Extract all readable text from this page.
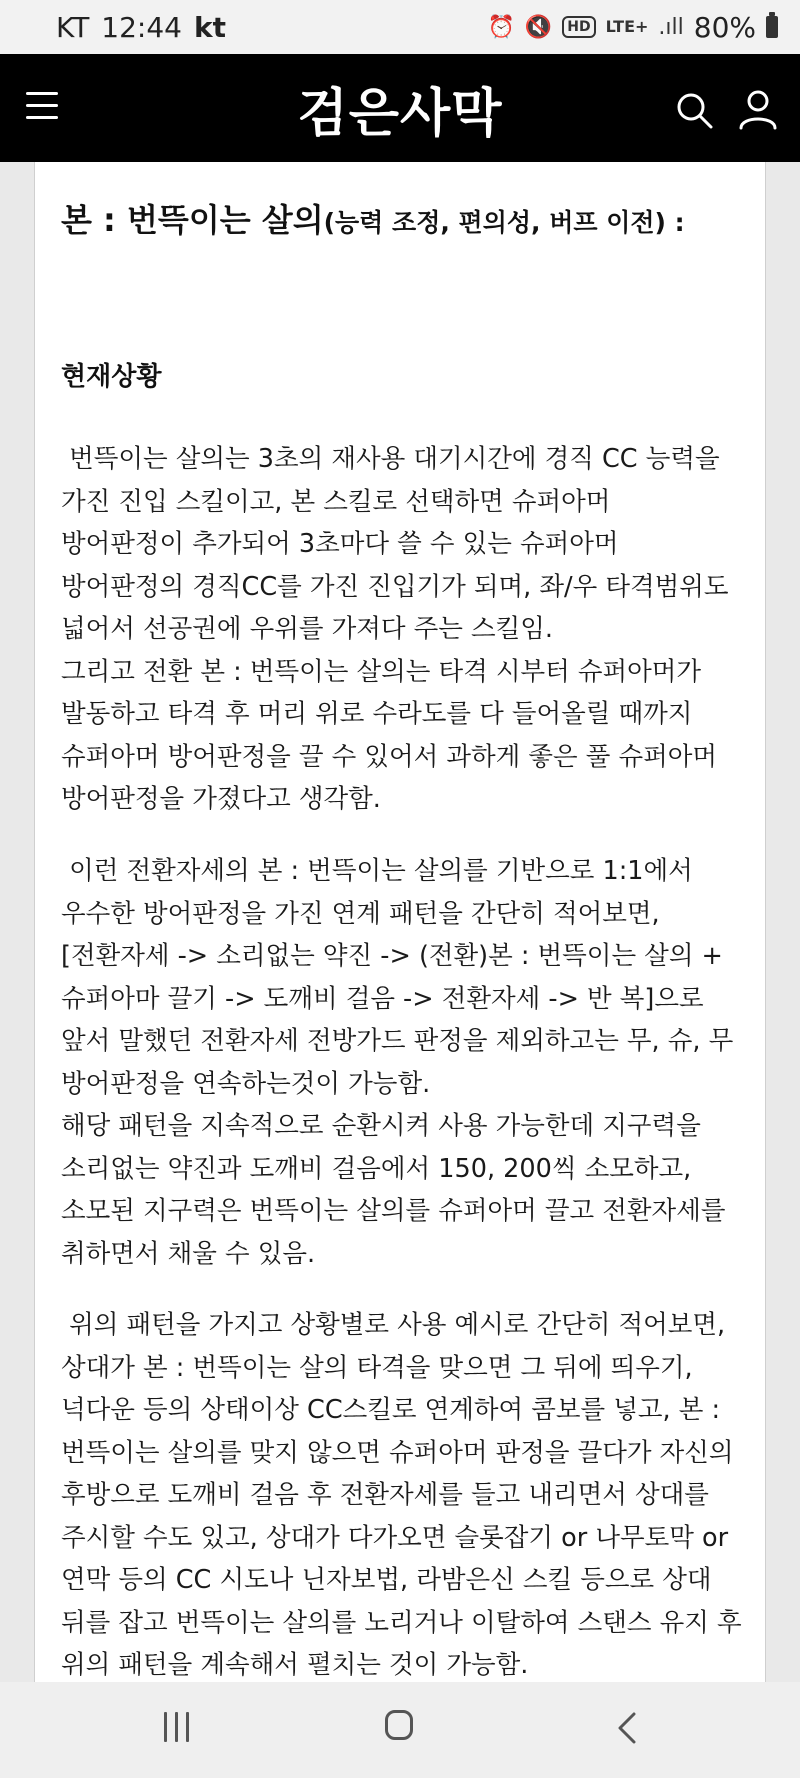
KT 12:44 kt	⏰ 🔇	HD LTE+ .ıll 80%
검은사막
본 : 번뜩이는 살의(능력 조정, 편의성, 버프 이전) :
현재상황
번뜩이는 살의는 3초의 재사용 대기시간에 경직 CC 능력을
가진 진입 스킬이고, 본 스킬로 선택하면 슈퍼아머
방어판정이 추가되어 3초마다 쓸 수 있는 슈퍼아머
방어판정의 경직CC를 가진 진입기가 되며, 좌/우 타격범위도
넓어서 선공권에 우위를 가져다 주는 스킬임.
그리고 전환 본 : 번뜩이는 살의는 타격 시부터 슈퍼아머가
발동하고 타격 후 머리 위로 수라도를 다 들어올릴 때까지
슈퍼아머 방어판정을 끌 수 있어서 과하게 좋은 풀 슈퍼아머
방어판정을 가졌다고 생각함.
이런 전환자세의 본 : 번뜩이는 살의를 기반으로 1:1에서
우수한 방어판정을 가진 연계 패턴을 간단히 적어보면,
[전환자세 -> 소리없는 약진 -> (전환)본 : 번뜩이는 살의 +
슈퍼아마 끌기 -> 도깨비 걸음 -> 전환자세 -> 반 복]으로
앞서 말했던 전환자세 전방가드 판정을 제외하고는 무, 슈, 무
방어판정을 연속하는것이 가능함.
해당 패턴을 지속적으로 순환시켜 사용 가능한데 지구력을
소리없는 약진과 도깨비 걸음에서 150, 200씩 소모하고,
소모된 지구력은 번뜩이는 살의를 슈퍼아머 끌고 전환자세를
취하면서 채울 수 있음.
위의 패턴을 가지고 상황별로 사용 예시로 간단히 적어보면,
상대가 본 : 번뜩이는 살의 타격을 맞으면 그 뒤에 띄우기,
넉다운 등의 상태이상 CC스킬로 연계하여 콤보를 넣고, 본 :
번뜩이는 살의를 맞지 않으면 슈퍼아머 판정을 끌다가 자신의
후방으로 도깨비 걸음 후 전환자세를 들고 내리면서 상대를
주시할 수도 있고, 상대가 다가오면 슬롯잡기 or 나무토막 or
연막 등의 CC 시도나 닌자보법, 라밤은신 스킬 등으로 상대
뒤를 잡고 번뜩이는 살의를 노리거나 이탈하여 스탠스 유지 후
위의 패턴을 계속해서 펼치는 것이 가능함.
